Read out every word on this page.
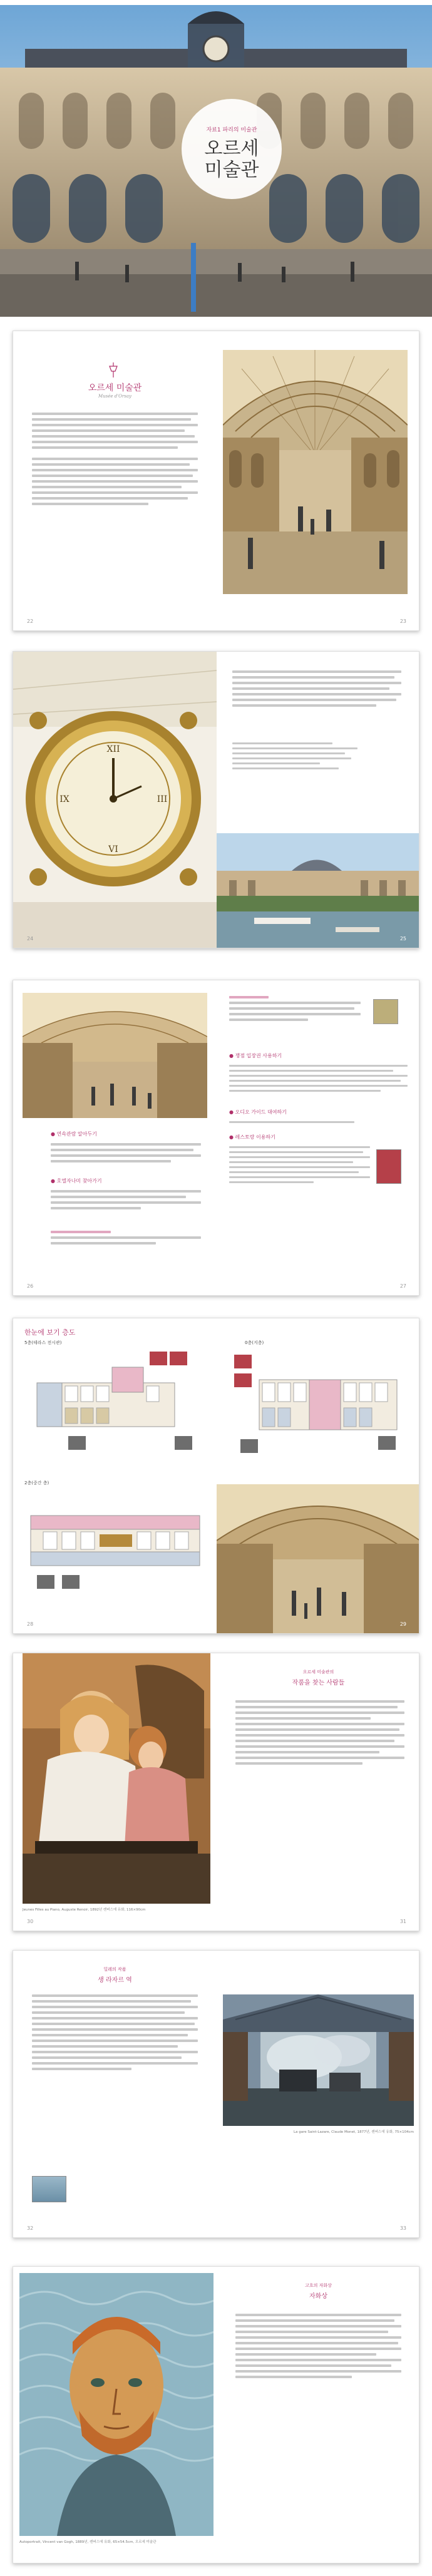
자료1 파리의 미술관
오르세
미술관
오르세 미술관
Musée d'Orsay
22	23
XII
III
VI
IX
24	25
● 연속관람 알아두기
● 호엘자나미 찾아가기
26
● 쟁점 입장권 사용하기
● 오디오 가이드 대여하기
● 레스토랑 이용하기
27
한눈에 보기 층도
5층(테라스 전시관)
2층(중간 층)
28
0층(지층)
29
Jeunes Filles au Piano, Auguste Renoir, 1892년 캔버스에 유화, 116×90cm
30
오르세 미술관의
작품을 찾는 사람들
31
밀레의 작품
생 라자르 역
32
La gare Saint-Lazare, Claude Monet, 1877년, 캔버스에 유화, 75×104cm
33
Autoportrait, Vincent van Gogh, 1889년, 캔버스에 유화, 65×54.5cm, 오르세 미술관
고흐의 자화상
자화상
